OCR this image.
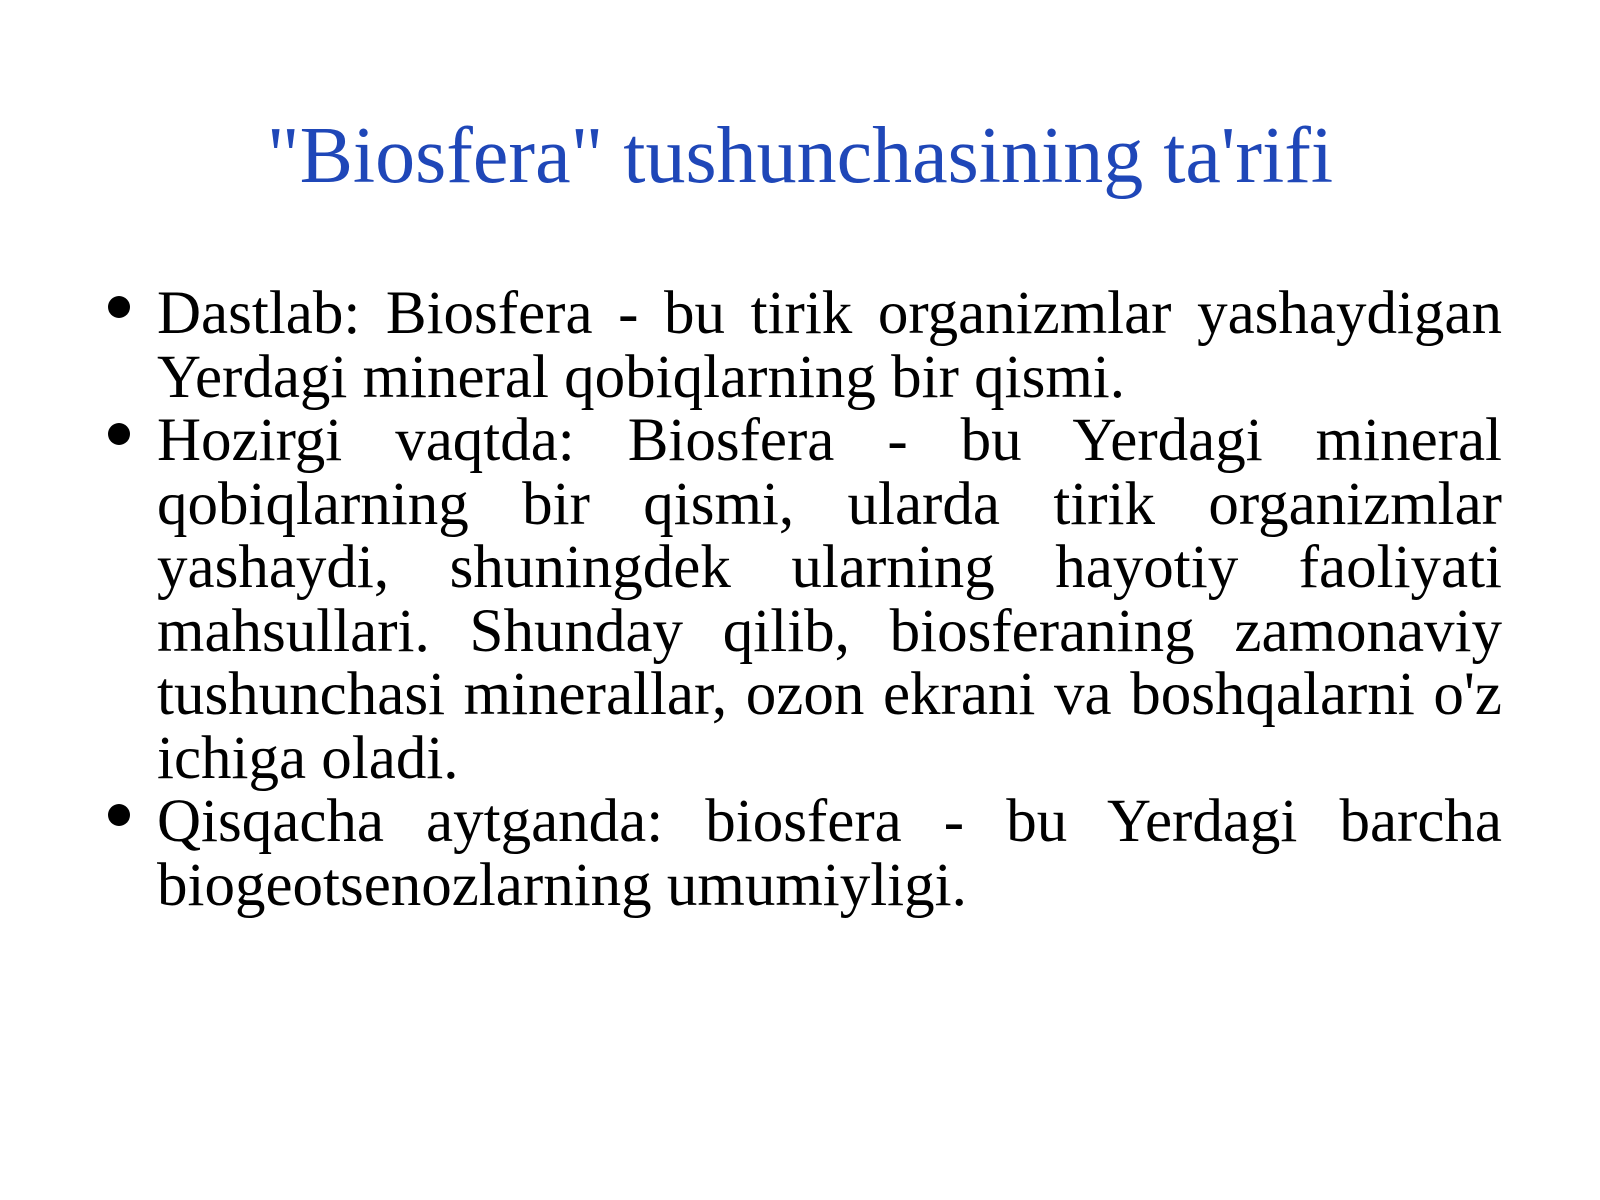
"Biosfera" tushunchasining ta'rifi
Dastlab: Biosfera - bu tirik organizmlar yashaydigan Yerdagi mineral qobiqlarning bir qismi.
Hozirgi vaqtda: Biosfera - bu Yerdagi mineral qobiqlarning bir qismi, ularda tirik organizmlar yashaydi, shuningdek ularning hayotiy faoliyati mahsullari. Shunday qilib, biosferaning zamonaviy tushunchasi minerallar, ozon ekrani va boshqalarni o'z ichiga oladi.
Qisqacha aytganda: biosfera - bu Yerdagi barcha biogeotsenozlarning umumiyligi.
